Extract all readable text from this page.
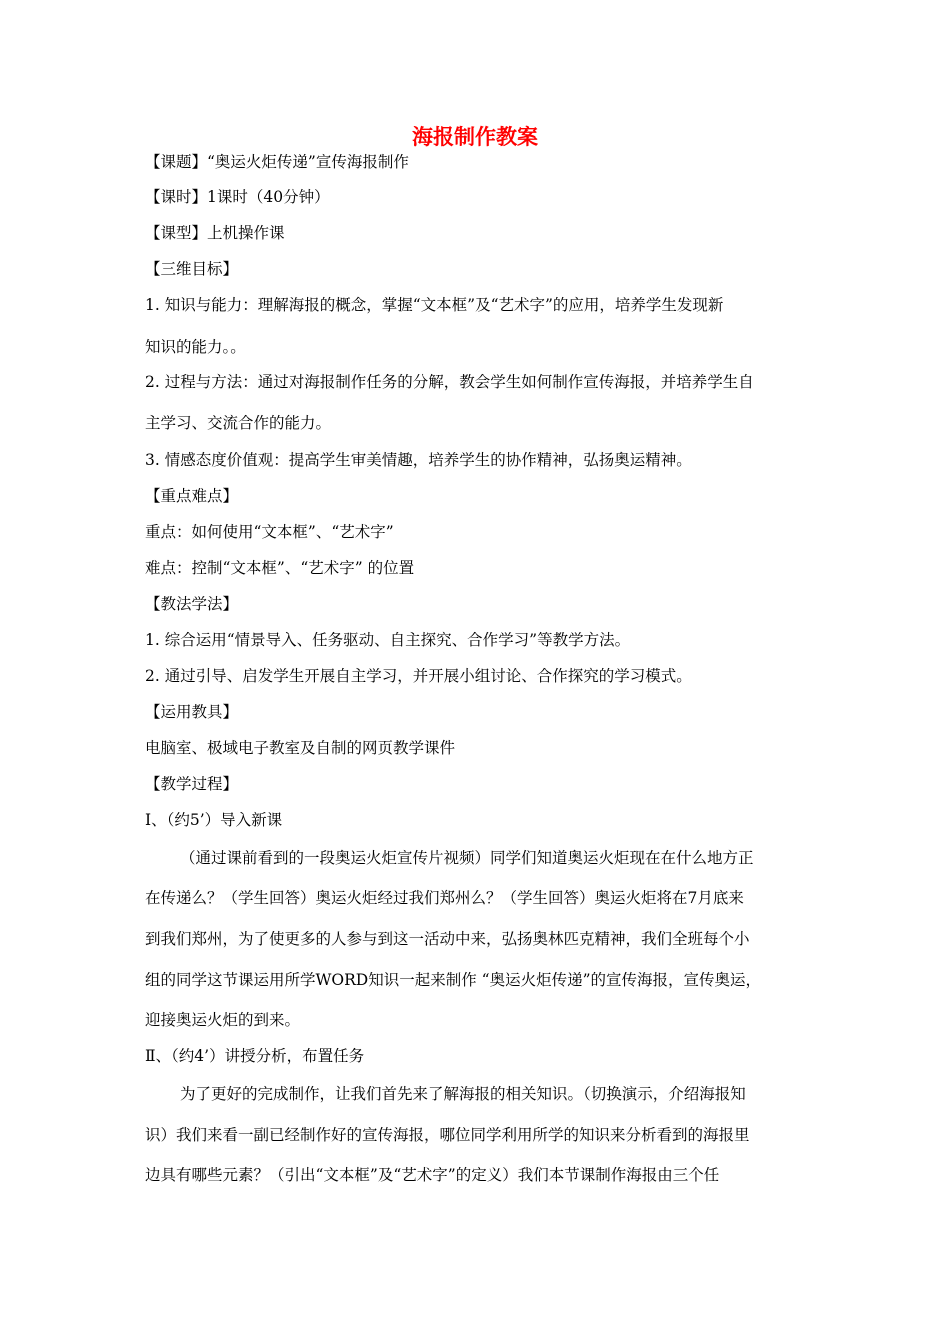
海报制作教案
【课题】“奥运火炬传递”宣传海报制作
【课时】1课时（40分钟）
【课型】上机操作课
【三维目标】
1. 知识与能力：理解海报的概念，掌握“文本框”及“艺术字”的应用，培养学生发现新
知识的能力。。
2. 过程与方法：通过对海报制作任务的分解，教会学生如何制作宣传海报，并培养学生自
主学习、交流合作的能力。
3. 情感态度价值观：提高学生审美情趣，培养学生的协作精神，弘扬奥运精神。
【重点难点】
重点：如何使用“文本框”、“艺术字”
难点：控制“文本框”、“艺术字” 的位置
【教法学法】
1. 综合运用“情景导入、任务驱动、自主探究、合作学习”等教学方法。
2. 通过引导、启发学生开展自主学习，并开展小组讨论、合作探究的学习模式。
【运用教具】
电脑室、极域电子教室及自制的网页教学课件
【教学过程】
Ⅰ、（约5’）导入新课
（通过课前看到的一段奥运火炬宣传片视频）同学们知道奥运火炬现在在什么地方正
在传递么？（学生回答）奥运火炬经过我们郑州么？（学生回答）奥运火炬将在7月底来
到我们郑州，为了使更多的人参与到这一活动中来，弘扬奥林匹克精神，我们全班每个小
组的同学这节课运用所学WORD知识一起来制作 “奥运火炬传递”的宣传海报，宣传奥运，
迎接奥运火炬的到来。
Ⅱ、（约4’）讲授分析，布置任务
为了更好的完成制作，让我们首先来了解海报的相关知识。（切换演示，介绍海报知
识）我们来看一副已经制作好的宣传海报，哪位同学利用所学的知识来分析看到的海报里
边具有哪些元素？（引出“文本框”及“艺术字”的定义）我们本节课制作海报由三个任
